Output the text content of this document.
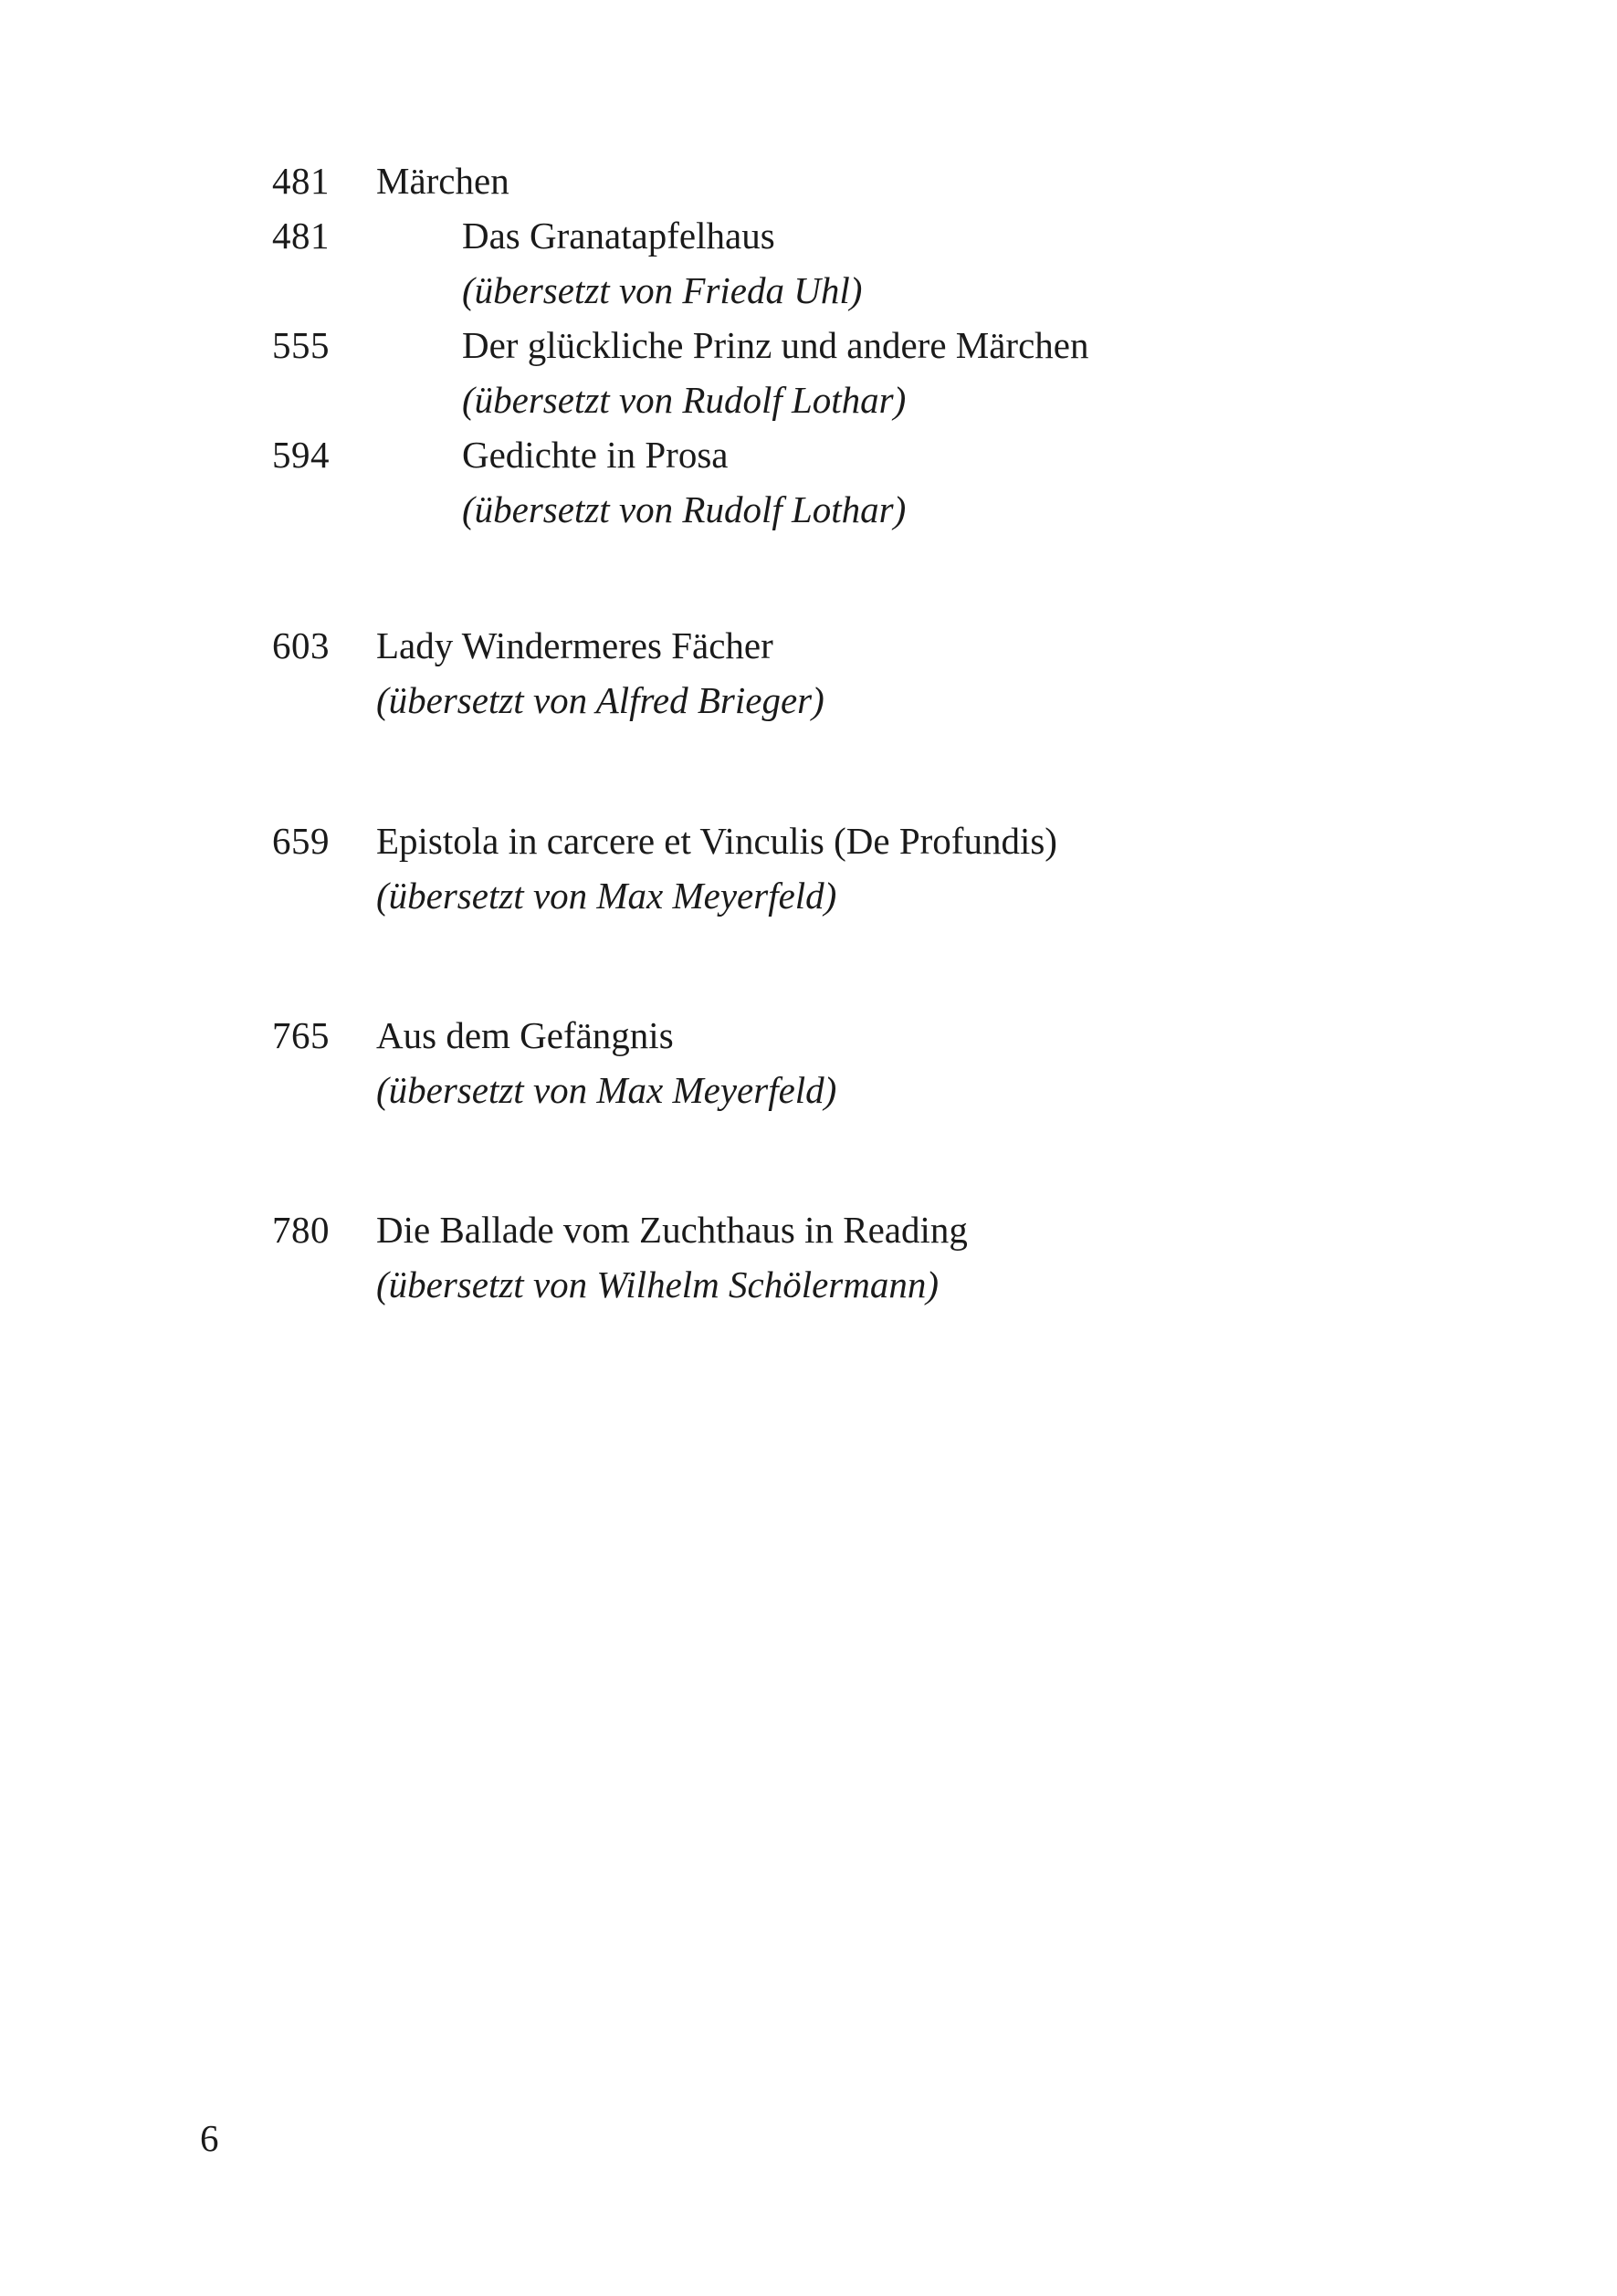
481 Märchen
481	Das Granatapfelhaus
(übersetzt von Frieda Uhl)
555	Der glückliche Prinz und andere Märchen
(übersetzt von Rudolf Lothar)
594	Gedichte in Prosa
(übersetzt von Rudolf Lothar)
603 Lady Windermeres Fächer
(übersetzt von Alfred Brieger)
659 Epistola in carcere et Vinculis (De Profundis)
(übersetzt von Max Meyerfeld)
765 Aus dem Gefängnis
(übersetzt von Max Meyerfeld)
780 Die Ballade vom Zuchthaus in Reading
(übersetzt von Wilhelm Schölermann)
6
